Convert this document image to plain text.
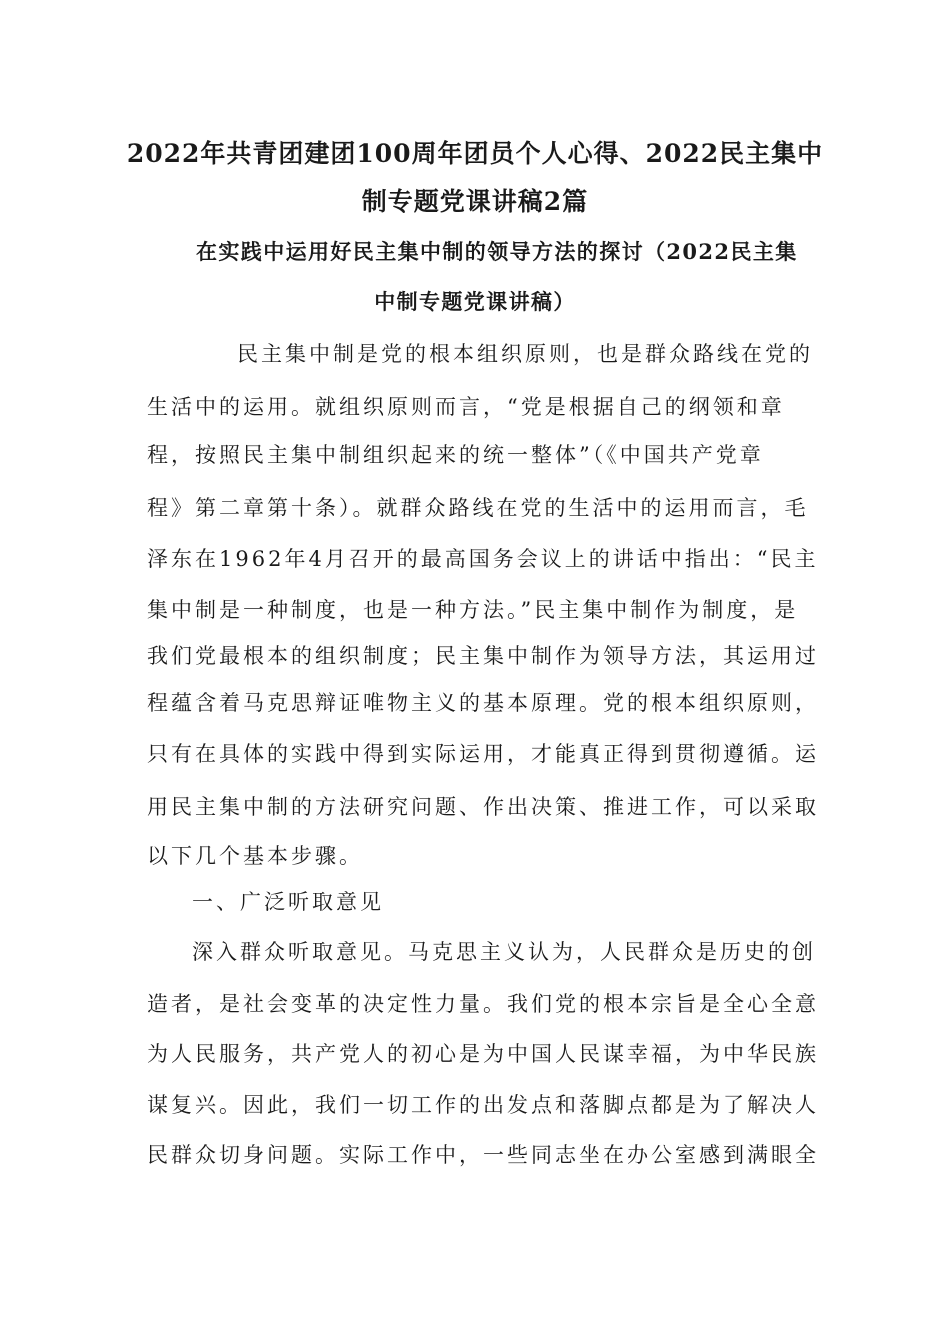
2022年共青团建团100周年团员个人心得、2022民主集中
制专题党课讲稿2篇
在实践中运用好民主集中制的领导方法的探讨（2022民主集
中制专题党课讲稿）

民主集中制是党的根本组织原则，也是群众路线在党的

生活中的运用。就组织原则而言，“党是根据自己的纲领和章

程，按照民主集中制组织起来的统一整体”（《中国共产党章

程》第二章第十条）。就群众路线在党的生活中的运用而言，毛

泽东在1962年4月召开的最高国务会议上的讲话中指出：“民主

集中制是一种制度，也是一种方法。”民主集中制作为制度，是

我们党最根本的组织制度；民主集中制作为领导方法，其运用过

程蕴含着马克思辩证唯物主义的基本原理。党的根本组织原则，

只有在具体的实践中得到实际运用，才能真正得到贯彻遵循。运

用民主集中制的方法研究问题、作出决策、推进工作，可以采取

以下几个基本步骤。

一、广泛听取意见

深入群众听取意见。马克思主义认为，人民群众是历史的创

造者，是社会变革的决定性力量。我们党的根本宗旨是全心全意

为人民服务，共产党人的初心是为中国人民谋幸福，为中华民族

谋复兴。因此，我们一切工作的出发点和落脚点都是为了解决人

民群众切身问题。实际工作中，一些同志坐在办公室感到满眼全
